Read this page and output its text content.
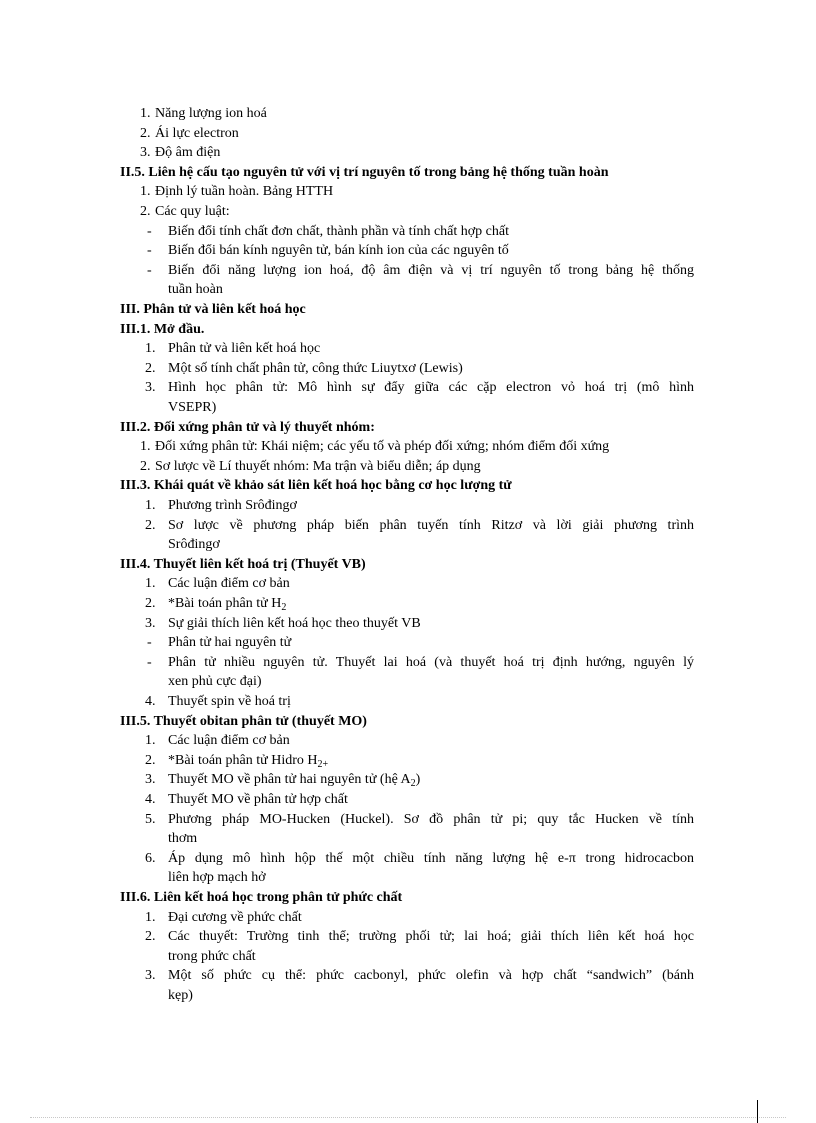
1. Năng lượng ion hoá
2. Ái lực electron
3. Độ âm điện
II.5. Liên hệ cấu tạo nguyên tử với vị trí nguyên tố trong bảng hệ thống tuần hoàn
1. Định lý tuần hoàn. Bảng HTTH
2. Các quy luật:
- Biến đổi tính chất đơn chất, thành phần và tính chất hợp chất
- Biến đổi bán kính nguyên tử, bán kính ion của các nguyên tố
- Biến đổi năng lượng ion hoá, độ âm điện và vị trí nguyên tố trong bảng hệ thống
tuần hoàn
III. Phân tử và liên kết hoá học
III.1. Mở đầu.
1. Phân tử và liên kết hoá học
2. Một số tính chất phân tử, công thức Liuytxơ (Lewis)
3. Hình học phân tử: Mô hình sự đẩy giữa các cặp electron vỏ hoá trị (mô hình
VSEPR)
III.2. Đối xứng phân tử và lý thuyết nhóm:
1. Đối xứng phân tử: Khái niệm; các yếu tố và phép đối xứng; nhóm điểm đối xứng
2. Sơ lược về Lí thuyết nhóm: Ma trận và biểu diễn; áp dụng
III.3. Khái quát về khảo sát liên kết hoá học bằng cơ học lượng tử
1. Phương trình Srôđingơ
2. Sơ lược về phương pháp biến phân tuyến tính Ritzơ và lời giải phương trình
Srôđingơ
III.4. Thuyết liên kết hoá trị (Thuyết VB)
1. Các luận điểm cơ bản
2. *Bài toán phân tử $H_2$
3. Sự giải thích liên kết hoá học theo thuyết VB
- Phân tử hai nguyên tử
- Phân tử nhiều nguyên tử. Thuyết lai hoá (và thuyết hoá trị định hướng, nguyên lý
xen phủ cực đại)
4. Thuyết spin về hoá trị
III.5. Thuyết obitan phân tử (thuyết MO)
1. Các luận điểm cơ bản
2. *Bài toán phân tử Hidro $H_{2+}$
3. Thuyết MO về phân tử hai nguyên tử (hệ $A_2$)
4. Thuyết MO về phân tử hợp chất
5. Phương pháp MO-Hucken (Huckel). Sơ đồ phân tử pi; quy tắc Hucken về tính
thơm
6. Áp dụng mô hình hộp thế một chiều tính năng lượng hệ e-π trong hidrocacbon
liên hợp mạch hở
III.6. Liên kết hoá học trong phân tử phức chất
1. Đại cương về phức chất
2. Các thuyết: Trường tinh thể; trường phối tử; lai hoá; giải thích liên kết hoá học
trong phức chất
3. Một số phức cụ thể: phức cacbonyl, phức olefin và hợp chất “sandwich” (bánh
kẹp)
